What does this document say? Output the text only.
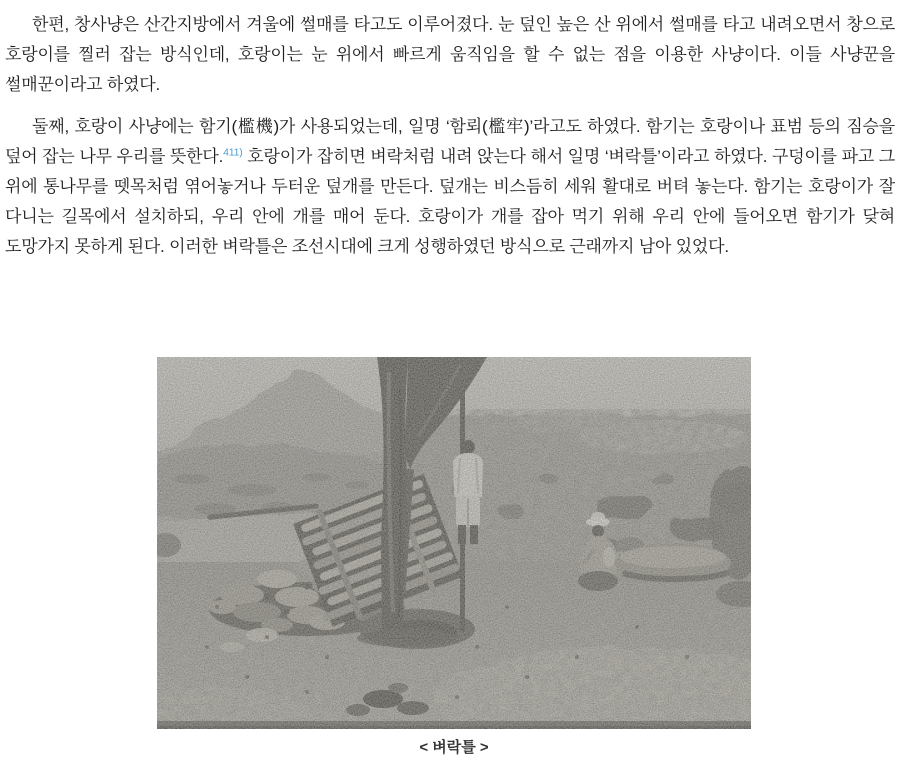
한편, 창사냥은 산간지방에서 겨울에 썰매를 타고도 이루어졌다. 눈 덮인 높은 산 위에서 썰매를 타고 내려오면서 창으로 호랑이를 찔러 잡는 방식인데, 호랑이는 눈 위에서 빠르게 움직임을 할 수 없는 점을 이용한 사냥이다. 이들 사냥꾼을 썰매꾼이라고 하였다.

둘째, 호랑이 사냥에는 함기(檻機)가 사용되었는데, 일명 ‘함뢰(檻牢)’라고도 하였다. 함기는 호랑이나 표범 등의 짐승을 덮어 잡는 나무 우리를 뜻한다.$^{411)}$ 호랑이가 잡히면 벼락처럼 내려 앉는다 해서 일명 ‘벼락틀’이라고 하였다. 구덩이를 파고 그 위에 통나무를 뗏목처럼 엮어놓거나 두터운 덮개를 만든다. 덮개는 비스듬히 세워 활대로 버텨 놓는다. 함기는 호랑이가 잘 다니는 길목에서 설치하되, 우리 안에 개를 매어 둔다. 호랑이가 개를 잡아 먹기 위해 우리 안에 들어오면 함기가 닺혀 도망가지 못하게 된다. 이러한 벼락틀은 조선시대에 크게 성행하였던 방식으로 근래까지 남아 있었다.

< 벼락틀 >
